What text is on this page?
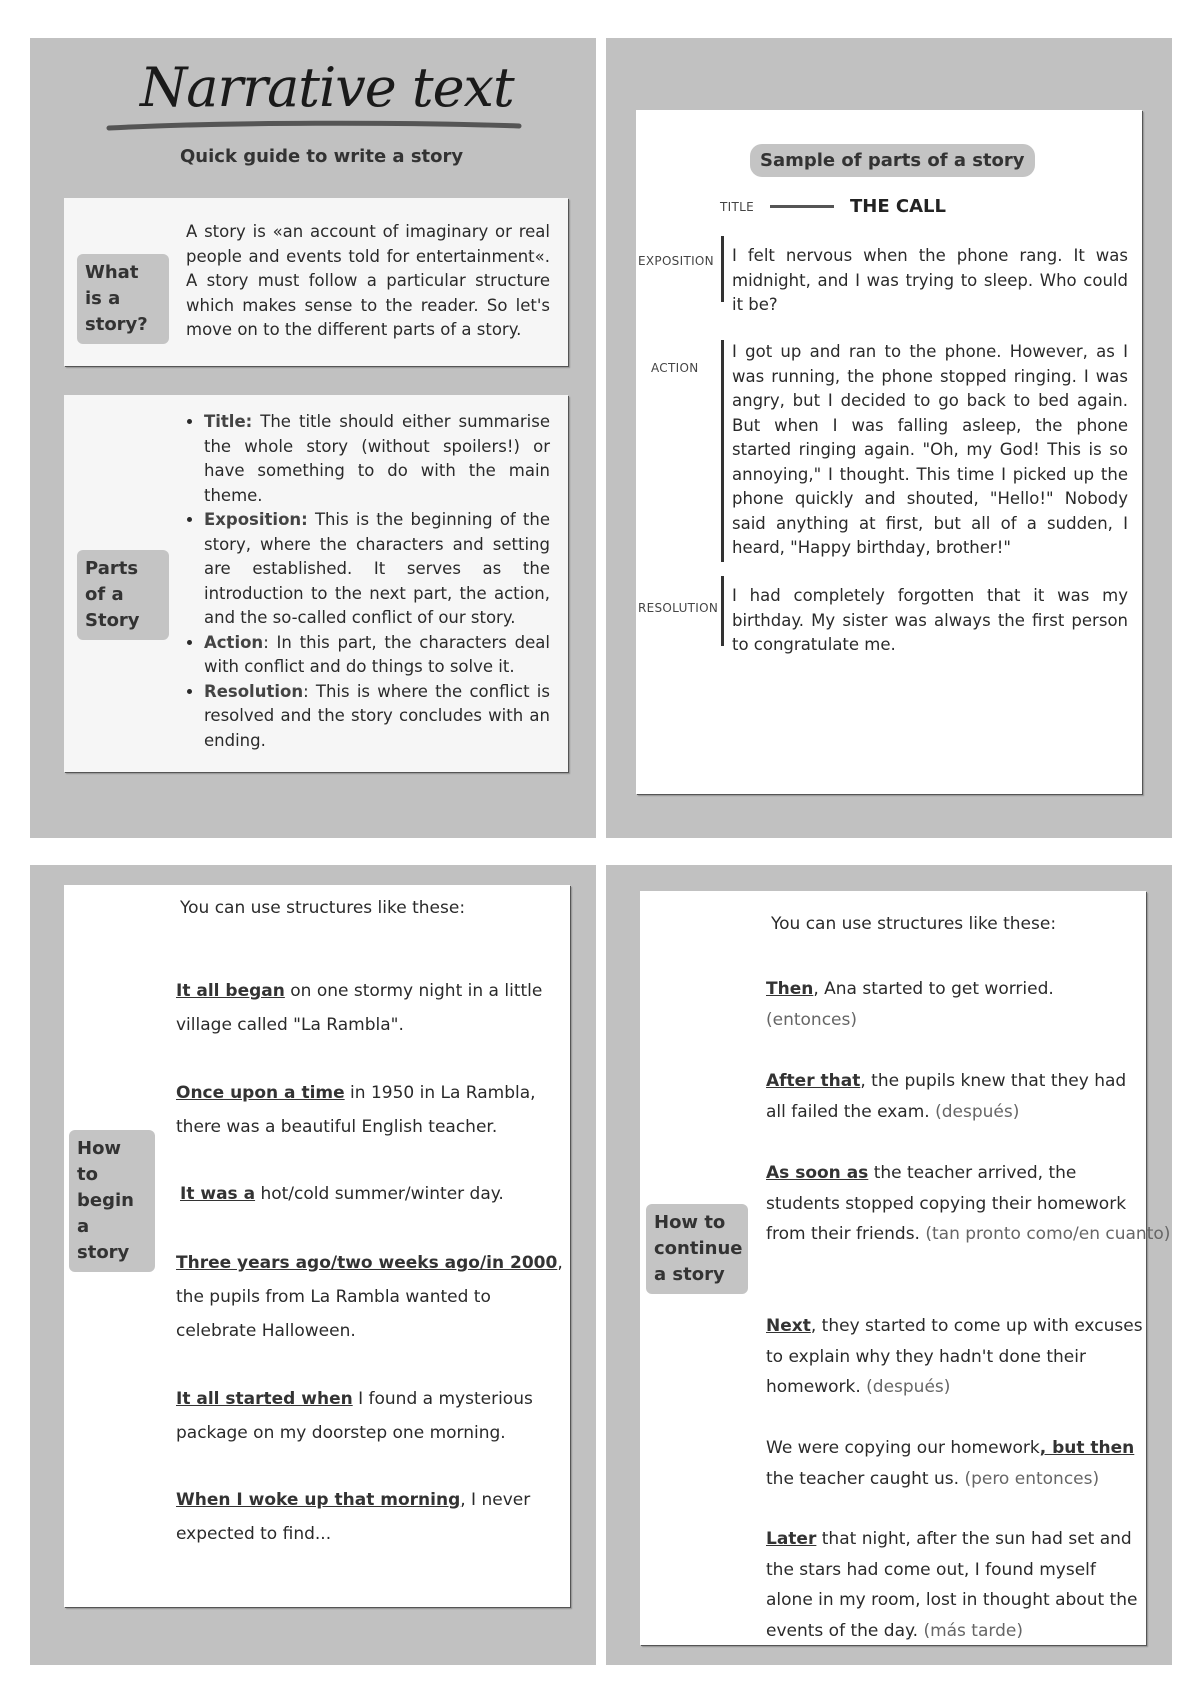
Narrative text
Quick guide to write a story
What is a story?
A story is «an account of imaginary or real people and events told for entertainment«. A story must follow a particular structure which makes sense to the reader. So let's move on to the different parts of a story.
Parts of a Story
• Title: The title should either summarise the whole story (without spoilers!) or have something to do with the main theme.
• Exposition: This is the beginning of the story, where the characters and setting are established. It serves as the introduction to the next part, the action, and the so-called conflict of our story.
• Action: In this part, the characters deal with conflict and do things to solve it.
• Resolution: This is where the conflict is resolved and the story concludes with an ending.
Sample of parts of a story
TITLE	THE CALL
EXPOSITION I felt nervous when the phone rang. It was midnight, and I was trying to sleep. Who could it be?
ACTION
I got up and ran to the phone. However, as I was running, the phone stopped ringing. I was angry, but I decided to go back to bed again. But when I was falling asleep, the phone started ringing again. "Oh, my God! This is so annoying," I thought. This time I picked up the phone quickly and shouted, "Hello!" Nobody said anything at first, but all of a sudden, I heard, "Happy birthday, brother!"
RESOLUTION
I had completely forgotten that it was my birthday. My sister was always the first person to congratulate me.
How to begin a story
You can use structures like these:
It all began on one stormy night in a little
village called "La Rambla".
Once upon a time in 1950 in La Rambla,
there was a beautiful English teacher.
It was a hot/cold summer/winter day.
Three years ago/two weeks ago/in 2000,
the pupils from La Rambla wanted to
celebrate Halloween.
It all started when I found a mysterious
package on my doorstep one morning.
When I woke up that morning, I never
expected to find...
How to continue a story
You can use structures like these:
Then, Ana started to get worried.
(entonces)
After that, the pupils knew that they had
all failed the exam. (después)
As soon as the teacher arrived, the
students stopped copying their homework
from their friends. (tan pronto como/en cuanto)
Next, they started to come up with excuses
to explain why they hadn't done their
homework. (después)
We were copying our homework, but then
the teacher caught us. (pero entonces)
Later that night, after the sun had set and
the stars had come out, I found myself
alone in my room, lost in thought about the
events of the day. (más tarde)
